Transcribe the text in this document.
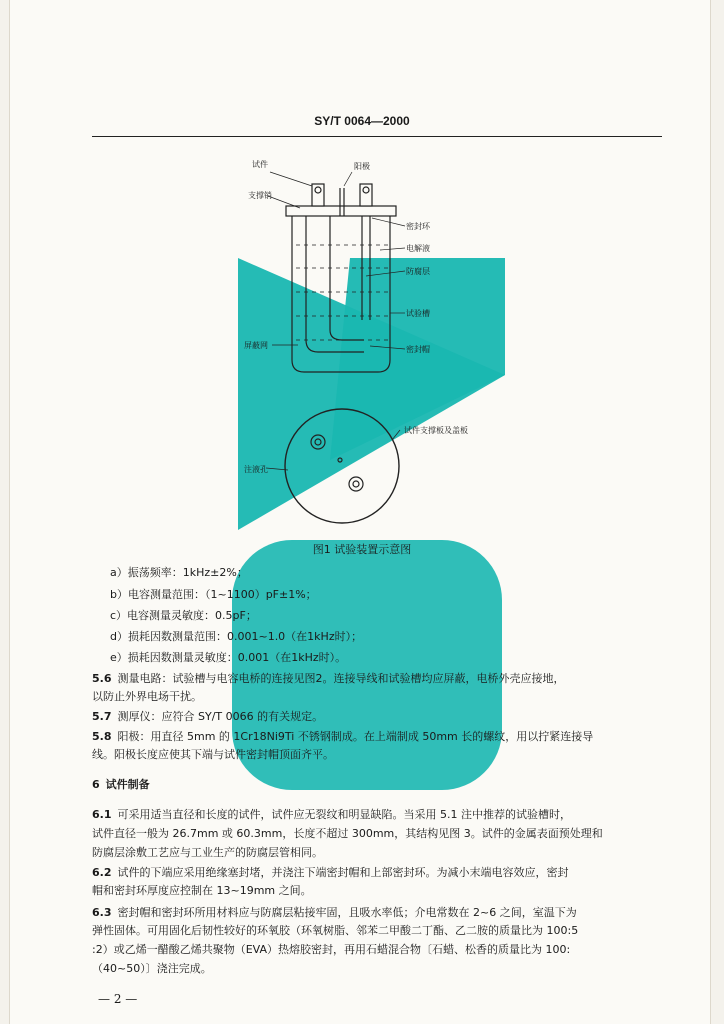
SY/T 0064—2000
试件	阳极
支撑销
密封环
电解液
防腐层
试验槽
屏蔽网	密封帽
试件支撑板及盖板
注液孔
图1 试验装置示意图
a）振荡频率：1kHz±2%；
b）电容测量范围：（1~1100）pF±1%；
c）电容测量灵敏度：0.5pF；
d）损耗因数测量范围：0.001~1.0（在1kHz时）；
e）损耗因数测量灵敏度：0.001（在1kHz时）。
5.6 测量电路：试验槽与电容电桥的连接见图2。连接导线和试验槽均应屏蔽，电桥外壳应接地，
以防止外界电场干扰。
5.7 测厚仪：应符合 SY/T 0066 的有关规定。
5.8 阳极：用直径 5mm 的 1Cr18Ni9Ti 不锈钢制成。在上端制成 50mm 长的螺纹，用以拧紧连接导
线。阳极长度应使其下端与试件密封帽顶面齐平。
6 试件制备
6.1 可采用适当直径和长度的试件，试件应无裂纹和明显缺陷。当采用 5.1 注中推荐的试验槽时，
试件直径一般为 26.7mm 或 60.3mm，长度不超过 300mm，其结构见图 3。试件的金属表面预处理和
防腐层涂敷工艺应与工业生产的防腐层管相同。
6.2 试件的下端应采用绝缘塞封堵，并浇注下端密封帽和上部密封环。为减小末端电容效应，密封
帽和密封环厚度应控制在 13~19mm 之间。
6.3 密封帽和密封环所用材料应与防腐层粘接牢固，且吸水率低；介电常数在 2~6 之间，室温下为
弹性固体。可用固化后韧性较好的环氧胶（环氧树脂、邻苯二甲酸二丁酯、乙二胺的质量比为 100:5
:2）或乙烯一醋酸乙烯共聚物（EVA）热熔胶密封，再用石蜡混合物〔石蜡、松香的质量比为 100:
（40~50）〕浇注完成。
— 2 —
